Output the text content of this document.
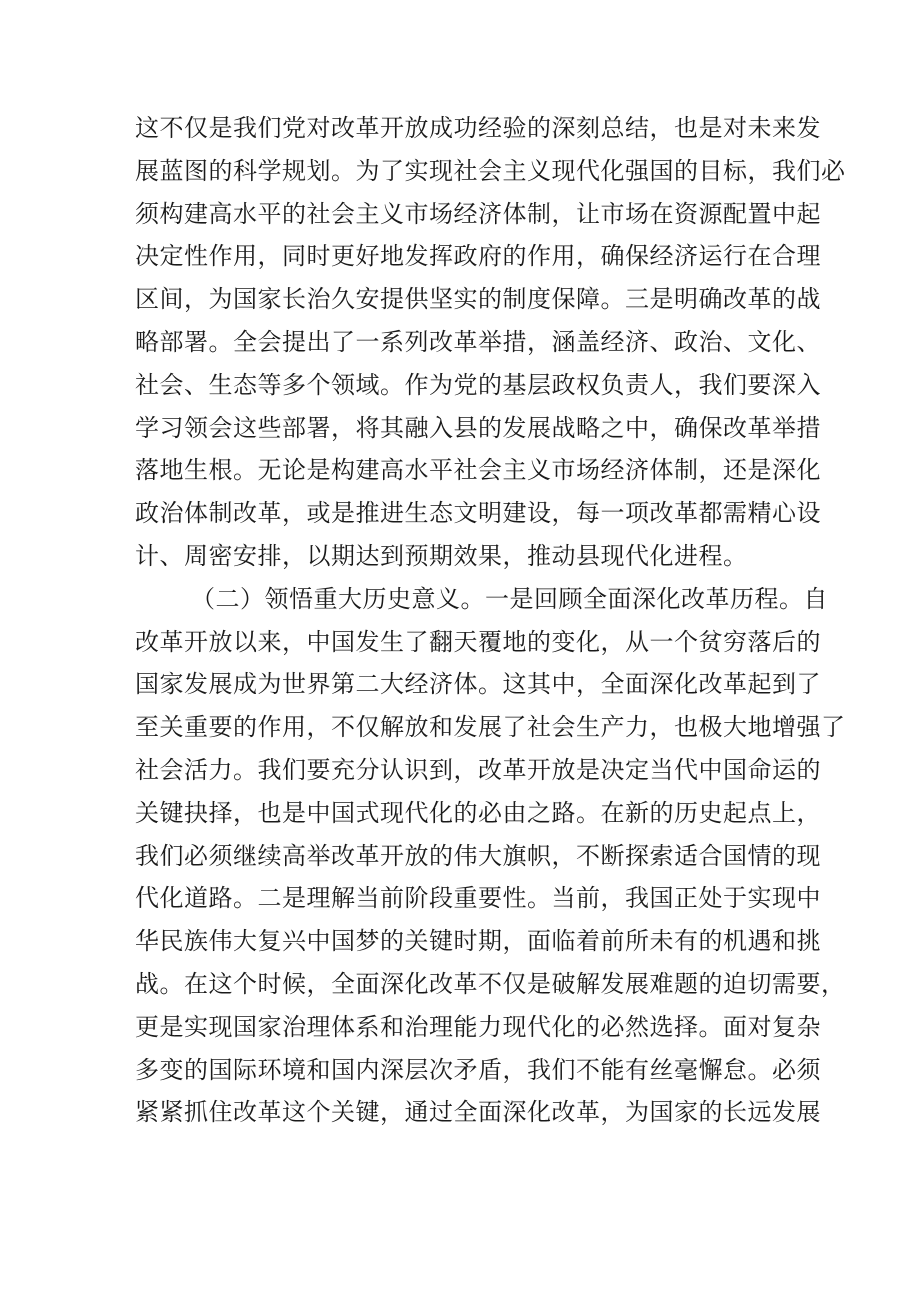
这不仅是我们党对改革开放成功经验的深刻总结，也是对未来发
展蓝图的科学规划。为了实现社会主义现代化强国的目标，我们必
须构建高水平的社会主义市场经济体制，让市场在资源配置中起
决定性作用，同时更好地发挥政府的作用，确保经济运行在合理
区间，为国家长治久安提供坚实的制度保障。三是明确改革的战
略部署。全会提出了一系列改革举措，涵盖经济、政治、文化、
社会、生态等多个领域。作为党的基层政权负责人，我们要深入
学习领会这些部署，将其融入县的发展战略之中，确保改革举措
落地生根。无论是构建高水平社会主义市场经济体制，还是深化
政治体制改革，或是推进生态文明建设，每一项改革都需精心设
计、周密安排，以期达到预期效果，推动县现代化进程。
（二）领悟重大历史意义。一是回顾全面深化改革历程。自
改革开放以来，中国发生了翻天覆地的变化，从一个贫穷落后的
国家发展成为世界第二大经济体。这其中，全面深化改革起到了
至关重要的作用，不仅解放和发展了社会生产力，也极大地增强了
社会活力。我们要充分认识到，改革开放是决定当代中国命运的
关键抉择，也是中国式现代化的必由之路。在新的历史起点上，
我们必须继续高举改革开放的伟大旗帜，不断探索适合国情的现
代化道路。二是理解当前阶段重要性。当前，我国正处于实现中
华民族伟大复兴中国梦的关键时期，面临着前所未有的机遇和挑
战。在这个时候，全面深化改革不仅是破解发展难题的迫切需要，
更是实现国家治理体系和治理能力现代化的必然选择。面对复杂
多变的国际环境和国内深层次矛盾，我们不能有丝毫懈怠。必须
紧紧抓住改革这个关键，通过全面深化改革，为国家的长远发展
